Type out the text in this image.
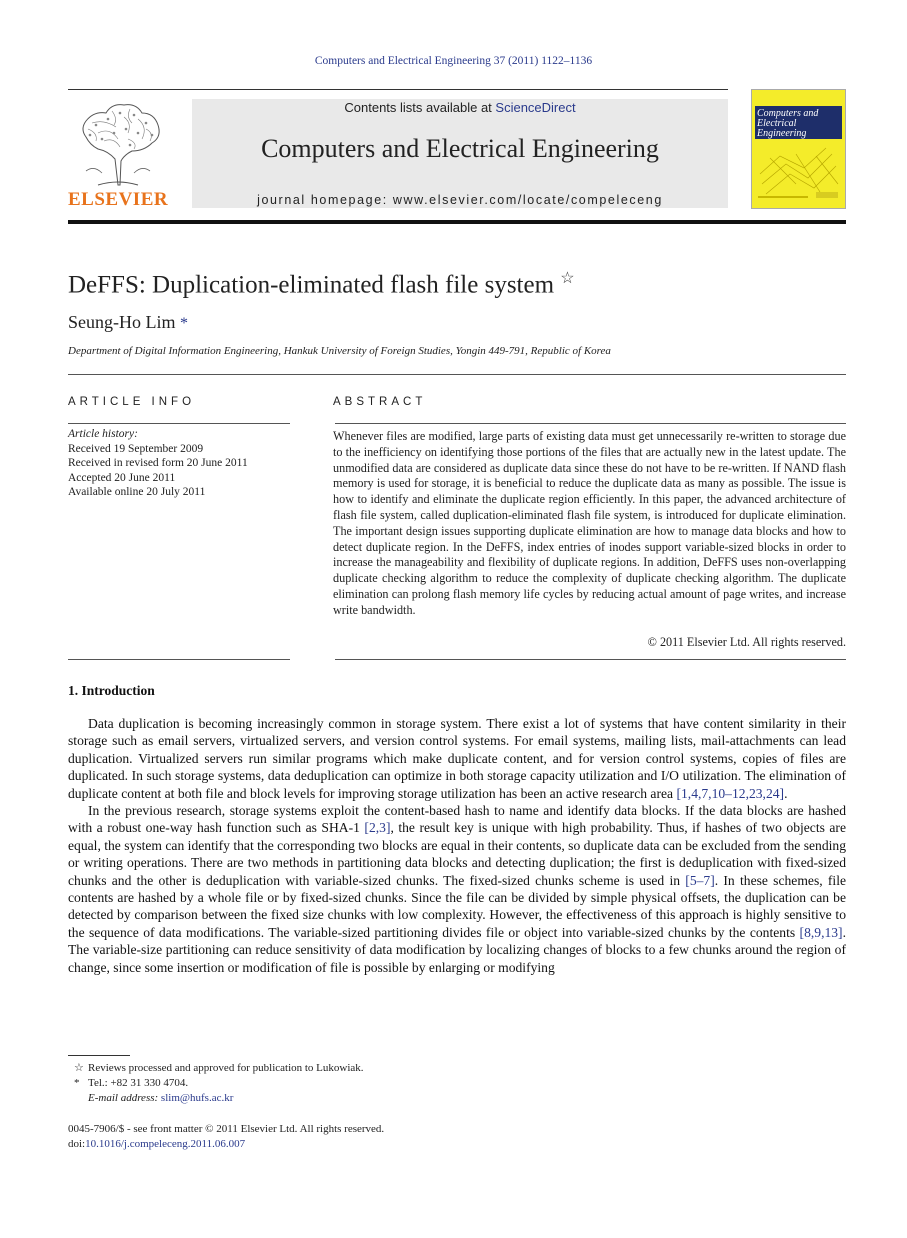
Computers and Electrical Engineering 37 (2011) 1122–1136
ELSEVIER
Contents lists available at ScienceDirect
Computers and Electrical Engineering
journal homepage: www.elsevier.com/locate/compeleceng
Computers and Electrical Engineering
DeFFS: Duplication-eliminated flash file system ☆
Seung-Ho Lim *
Department of Digital Information Engineering, Hankuk University of Foreign Studies, Yongin 449-791, Republic of Korea
ARTICLE INFO
Article history:
Received 19 September 2009
Received in revised form 20 June 2011
Accepted 20 June 2011
Available online 20 July 2011
ABSTRACT
Whenever files are modified, large parts of existing data must get unnecessarily re-written to storage due to the inefficiency on identifying those portions of the files that are actually new in the latest update. The unmodified data are considered as duplicate data since these do not have to be re-written. If NAND flash memory is used for storage, it is beneficial to reduce the duplicate data as many as possible. The issue is how to identify and eliminate the duplicate region efficiently. In this paper, the advanced architecture of flash file system, called duplication-eliminated flash file system, is introduced for duplicate elimination. The important design issues supporting duplicate elimination are how to manage data blocks and how to detect duplicate region. In the DeFFS, index entries of inodes support variable-sized blocks in order to increase the manageability and flexibility of duplicate regions. In addition, DeFFS uses non-overlapping duplicate checking algorithm to reduce the complexity of duplicate checking algorithm. The duplicate elimination can prolong flash memory life cycles by reducing actual amount of page writes, and increase write bandwidth.
© 2011 Elsevier Ltd. All rights reserved.
1. Introduction

Data duplication is becoming increasingly common in storage system. There exist a lot of systems that have content similarity in their storage such as email servers, virtualized servers, and version control systems. For email systems, mailing lists, mail-attachments can lead duplication. Virtualized servers run similar programs which make duplicate content, and for version control systems, copies of files are duplicated. In such storage systems, data deduplication can optimize in both storage capacity utilization and I/O utilization. The elimination of duplicate content at both file and block levels for improving storage utilization has been an active research area [1,4,7,10–12,23,24].

In the previous research, storage systems exploit the content-based hash to name and identify data blocks. If the data blocks are hashed with a robust one-way hash function such as SHA-1 [2,3], the result key is unique with high probability. Thus, if hashes of two objects are equal, the system can identify that the corresponding two blocks are equal in their contents, so duplicate data can be excluded from the sending or writing operations. There are two methods in partitioning data blocks and detecting duplication; the first is deduplication with fixed-sized chunks and the other is deduplication with variable-sized chunks. The fixed-sized chunks scheme is used in [5–7]. In these schemes, file contents are hashed by a whole file or by fixed-sized chunks. Since the file can be divided by simple physical offsets, the duplication can be detected by comparison between the fixed size chunks with low complexity. However, the effectiveness of this approach is highly sensitive to the sequence of data modifications. The variable-sized partitioning divides file or object into variable-sized chunks by the contents [8,9,13]. The variable-size partitioning can reduce sensitivity of data modification by localizing changes of blocks to a few chunks around the region of change, since some insertion or modification of file is possible by enlarging or modifying

☆ Reviews processed and approved for publication to Lukowiak.
* Tel.: +82 31 330 4704.
E-mail address: slim@hufs.ac.kr
0045-7906/$ - see front matter © 2011 Elsevier Ltd. All rights reserved.
doi:10.1016/j.compeleceng.2011.06.007
